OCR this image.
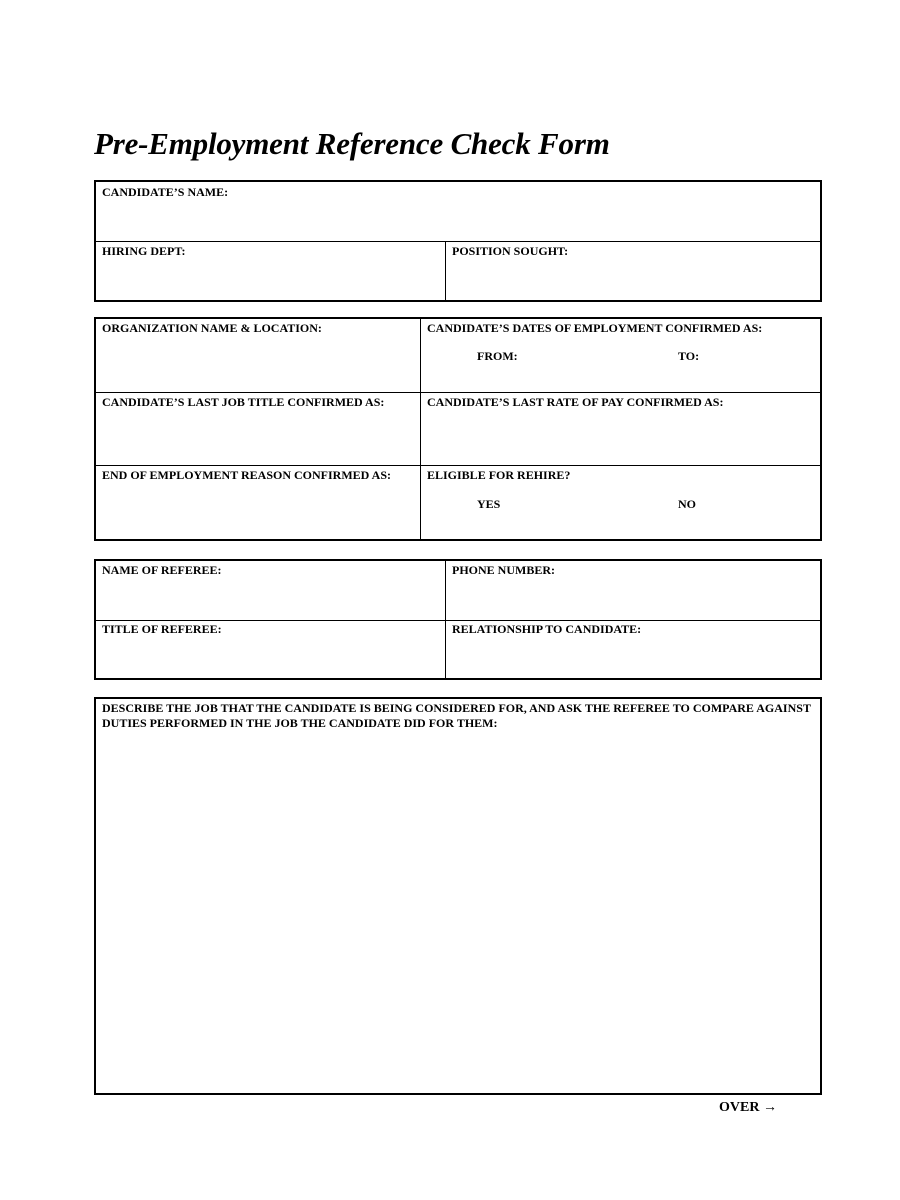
Pre-Employment Reference Check Form
CANDIDATE’S NAME:
HIRING DEPT:	POSITION SOUGHT:
ORGANIZATION NAME & LOCATION:	CANDIDATE’S DATES OF EMPLOYMENT CONFIRMED AS:
FROM:	TO:
CANDIDATE’S LAST JOB TITLE CONFIRMED AS:	CANDIDATE’S LAST RATE OF PAY CONFIRMED AS:
END OF EMPLOYMENT REASON CONFIRMED AS:	ELIGIBLE FOR REHIRE?
YES	NO
NAME OF REFEREE:	PHONE NUMBER:
TITLE OF REFEREE:	RELATIONSHIP TO CANDIDATE:
DESCRIBE THE JOB THAT THE CANDIDATE IS BEING CONSIDERED FOR, AND ASK THE REFEREE TO COMPARE AGAINST
DUTIES PERFORMED IN THE JOB THE CANDIDATE DID FOR THEM:
OVER →
